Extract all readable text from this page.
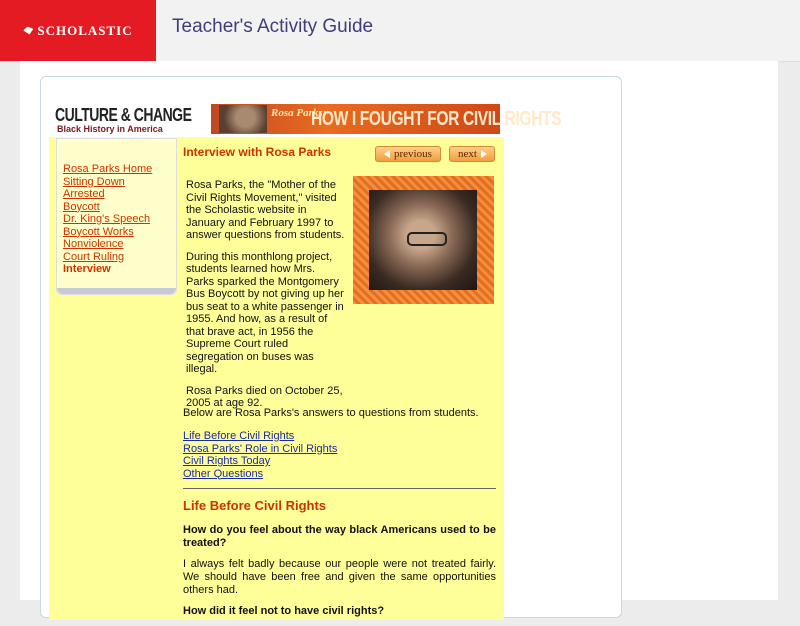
SCHOLASTIC Teacher's Activity Guide
CULTURE & CHANGE
Black History in America
Rosa Parks:
HOW I FOUGHT FOR CIVIL RIGHTS
Rosa Parks Home
Sitting Down
Arrested
Boycott
Dr. King's Speech
Boycott Works
Nonviolence
Court Ruling
Interview
Interview with Rosa Parks	previous next

Rosa Parks, the "Mother of the Civil Rights Movement," visited the Scholastic website in January and February 1997 to answer questions from students.

During this monthlong project, students learned how Mrs. Parks sparked the Montgomery Bus Boycott by not giving up her bus seat to a white passenger in 1955. And how, as a result of that brave act, in 1956 the Supreme Court ruled segregation on buses was illegal.

Rosa Parks died on October 25, 2005 at age 92.

Below are Rosa Parks's answers to questions from students.
Life Before Civil Rights
Rosa Parks' Role in Civil Rights
Civil Rights Today
Other Questions
Life Before Civil Rights

How do you feel about the way black Americans used to be treated?

I always felt badly because our people were not treated fairly. We should have been free and given the same opportunities others had.

How did it feel not to have civil rights?
